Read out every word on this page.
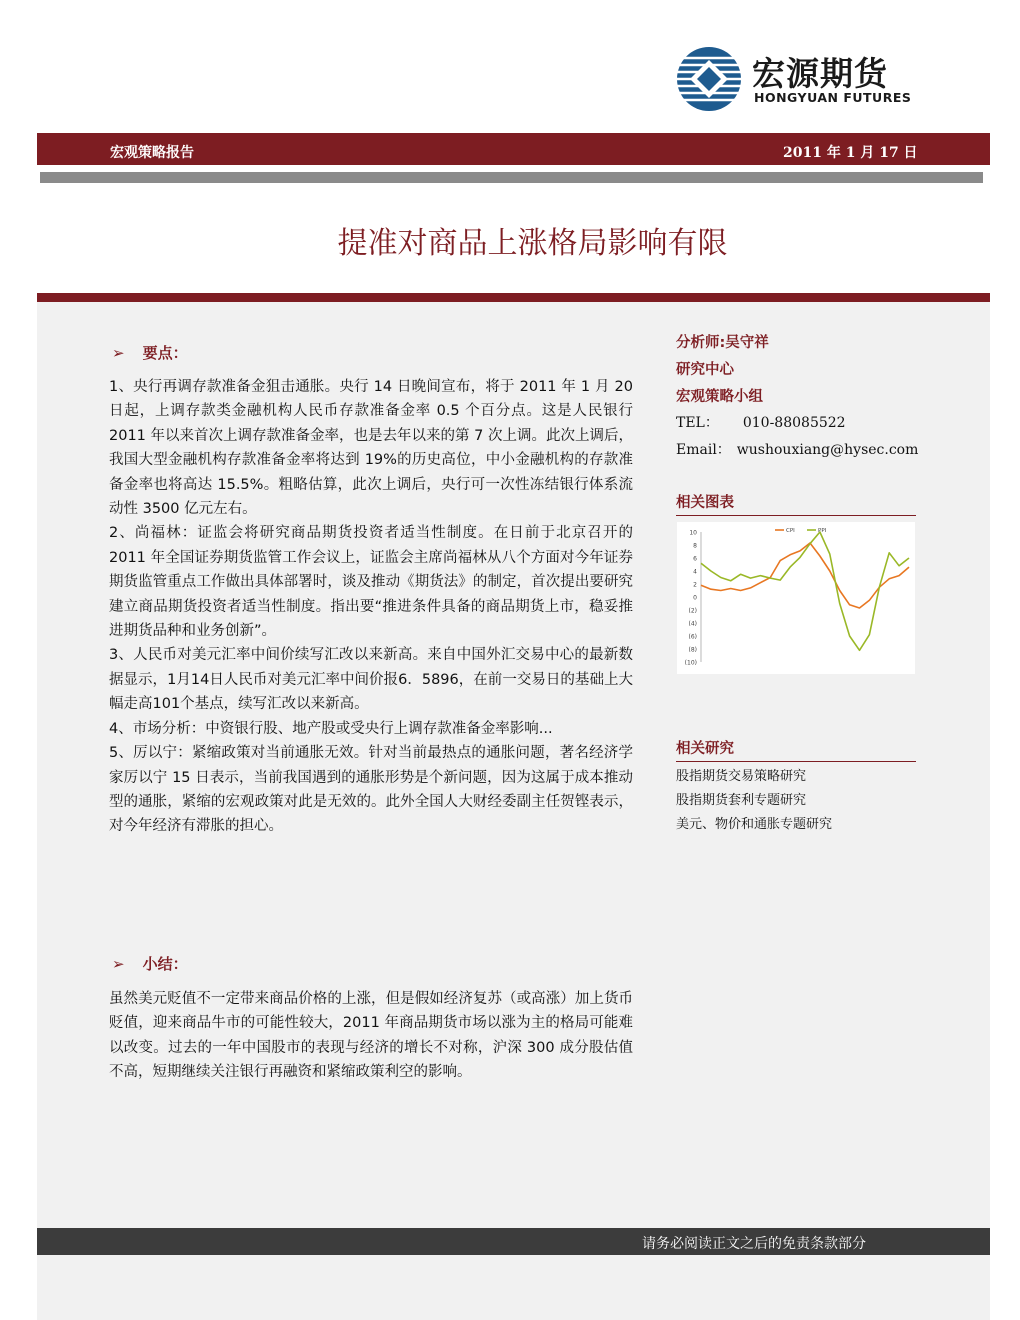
宏源期货
HONGYUAN FUTURES
宏观策略报告	2011 年 1 月 17 日
提准对商品上涨格局影响有限
➢ 要点：

1、央行再调存款准备金狙击通胀。央行 14 日晚间宣布，将于 2011 年 1 月 20 日起，上调存款类金融机构人民币存款准备金率 0.5 个百分点。这是人民银行 2011 年以来首次上调存款准备金率，也是去年以来的第 7 次上调。此次上调后，我国大型金融机构存款准备金率将达到 19%的历史高位，中小金融机构的存款准备金率也将高达 15.5%。粗略估算，此次上调后，央行可一次性冻结银行体系流动性 3500 亿元左右。

2、尚福林：证监会将研究商品期货投资者适当性制度。在日前于北京召开的 2011 年全国证券期货监管工作会议上，证监会主席尚福林从八个方面对今年证券期货监管重点工作做出具体部署时，谈及推动《期货法》的制定，首次提出要研究建立商品期货投资者适当性制度。指出要“推进条件具备的商品期货上市，稳妥推进期货品种和业务创新”。

3、人民币对美元汇率中间价续写汇改以来新高。来自中国外汇交易中心的最新数据显示，1月14日人民币对美元汇率中间价报6．5896，在前一交易日的基础上大幅走高101个基点，续写汇改以来新高。

4、市场分析：中资银行股、地产股或受央行上调存款准备金率影响...

5、厉以宁：紧缩政策对当前通胀无效。针对当前最热点的通胀问题，著名经济学家厉以宁 15 日表示，当前我国遇到的通胀形势是个新问题，因为这属于成本推动型的通胀，紧缩的宏观政策对此是无效的。此外全国人大财经委副主任贺铿表示，对今年经济有滞胀的担心。

➢ 小结：

虽然美元贬值不一定带来商品价格的上涨，但是假如经济复苏（或高涨）加上货币贬值，迎来商品牛市的可能性较大，2011 年商品期货市场以涨为主的格局可能难以改变。过去的一年中国股市的表现与经济的增长不对称，沪深 300 成分股估值不高，短期继续关注银行再融资和紧缩政策利空的影响。

分析师:吴守祥
研究中心
宏观策略小组
TEL： 010-88085522
Email： wushouxiang@hysec.com
相关图表
10
8
6
4
2
0
(2)
(4)
(6)
(8)
(10)
CPI	PPI
相关研究
股指期货交易策略研究
股指期货套利专题研究
美元、物价和通胀专题研究
请务必阅读正文之后的免责条款部分
